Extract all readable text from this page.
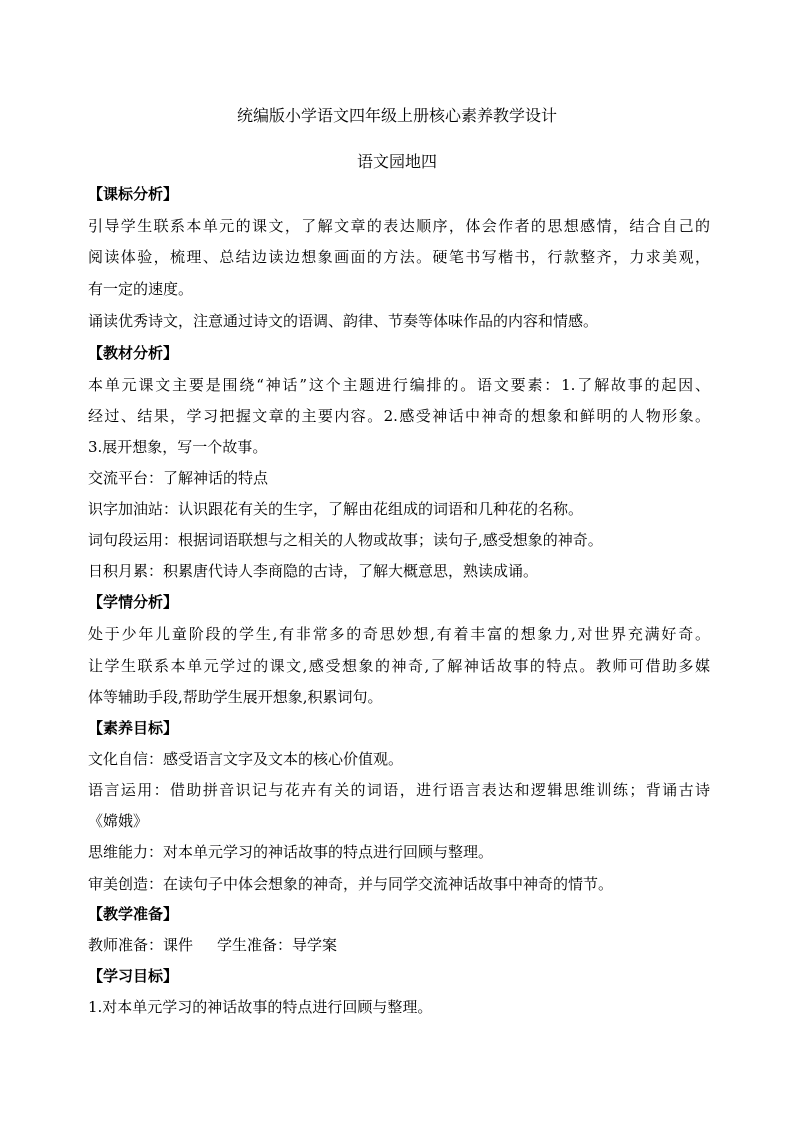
统编版小学语文四年级上册核心素养教学设计
语文园地四
【课标分析】
引导学生联系本单元的课文，了解文章的表达顺序，体会作者的思想感情，结合自己的
阅读体验，梳理、总结边读边想象画面的方法。硬笔书写楷书，行款整齐，力求美观，
有一定的速度。
诵读优秀诗文，注意通过诗文的语调、韵律、节奏等体味作品的内容和情感。
【教材分析】
本单元课文主要是围绕“神话”这个主题进行编排的。语文要素：1.了解故事的起因、
经过、结果，学习把握文章的主要内容。2.感受神话中神奇的想象和鲜明的人物形象。
3.展开想象，写一个故事。
交流平台：了解神话的特点
识字加油站：认识跟花有关的生字，了解由花组成的词语和几种花的名称。
词句段运用：根据词语联想与之相关的人物或故事；读句子,感受想象的神奇。
日积月累：积累唐代诗人李商隐的古诗，了解大概意思，熟读成诵。
【学情分析】
处于少年儿童阶段的学生,有非常多的奇思妙想,有着丰富的想象力,对世界充满好奇。
让学生联系本单元学过的课文,感受想象的神奇,了解神话故事的特点。教师可借助多媒
体等辅助手段,帮助学生展开想象,积累词句。
【素养目标】
文化自信：感受语言文字及文本的核心价值观。
语言运用：借助拼音识记与花卉有关的词语，进行语言表达和逻辑思维训练；背诵古诗
《嫦娥》
思维能力：对本单元学习的神话故事的特点进行回顾与整理。
审美创造：在读句子中体会想象的神奇，并与同学交流神话故事中神奇的情节。
【教学准备】
教师准备：课件 学生准备：导学案
【学习目标】
1.对本单元学习的神话故事的特点进行回顾与整理。
